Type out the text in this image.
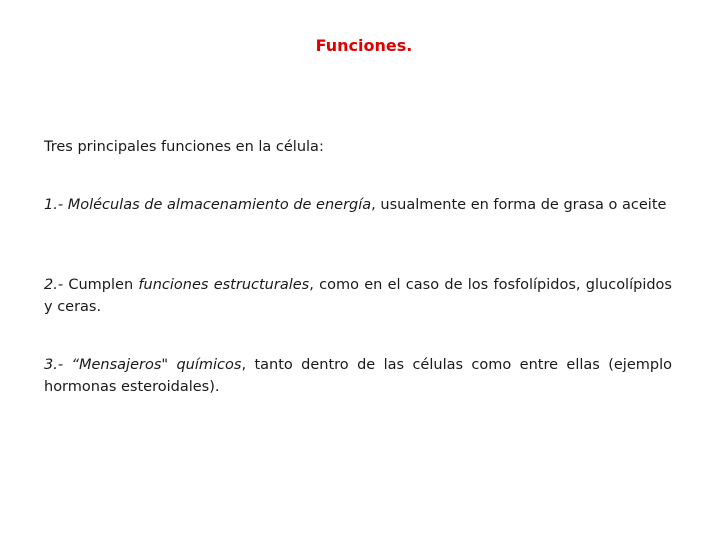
Funciones.

Tres principales funciones en la célula:

1.- Moléculas de almacenamiento de energía, usualmente en forma de grasa o aceite

2.- Cumplen funciones estructurales, como en el caso de los fosfolípidos, glucolípidos y ceras.

3.- “Mensajeros" químicos, tanto dentro de las células como entre ellas (ejemplo hormonas esteroidales).
